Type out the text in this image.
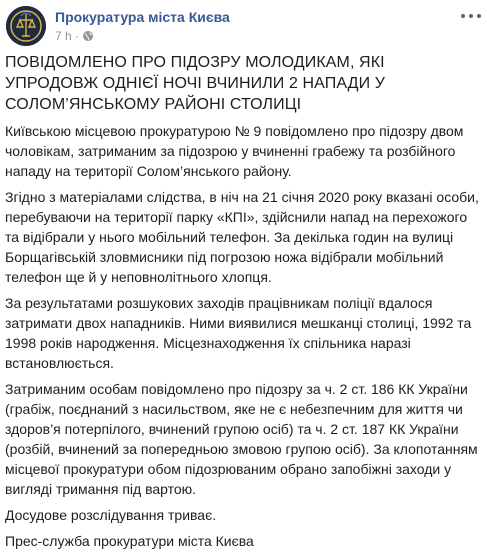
Прокуратура міста Києва
7 h ·

ПОВІДОМЛЕНО ПРО ПІДОЗРУ МОЛОДИКАМ, ЯКІ УПРОДОВЖ ОДНІЄЇ НОЧІ ВЧИНИЛИ 2 НАПАДИ У СОЛОМ’ЯНСЬКОМУ РАЙОНІ СТОЛИЦІ

Київською місцевою прокуратурою № 9 повідомлено про підозру двом чоловікам, затриманим за підозрою у вчиненні грабежу та розбійного нападу на території Солом’янського району.

Згідно з матеріалами слідства, в ніч на 21 січня 2020 року вказані особи, перебуваючи на території парку «КПІ», здійснили напад на перехожого та відібрали у нього мобільний телефон. За декілька годин на вулиці Борщагівській зловмисники під погрозою ножа відібрали мобільний телефон ще й у неповнолітнього хлопця.

За результатами розшукових заходів працівникам поліції вдалося затримати двох нападників. Ними виявилися мешканці столиці, 1992 та 1998 років народження. Місцезнаходження їх спільника наразі встановлюється.

Затриманим особам повідомлено про підозру за ч. 2 ст. 186 КК України (грабіж, поєднаний з насильством, яке не є небезпечним для життя чи здоров’я потерпілого, вчинений групою осіб) та ч. 2 ст. 187 КК України (розбій, вчинений за попередньою змовою групою осіб). За клопотанням місцевої прокуратури обом підозрюваним обрано запобіжні заходи у вигляді тримання під вартою.

Досудове розслідування триває.

Прес-служба прокуратури міста Києва
